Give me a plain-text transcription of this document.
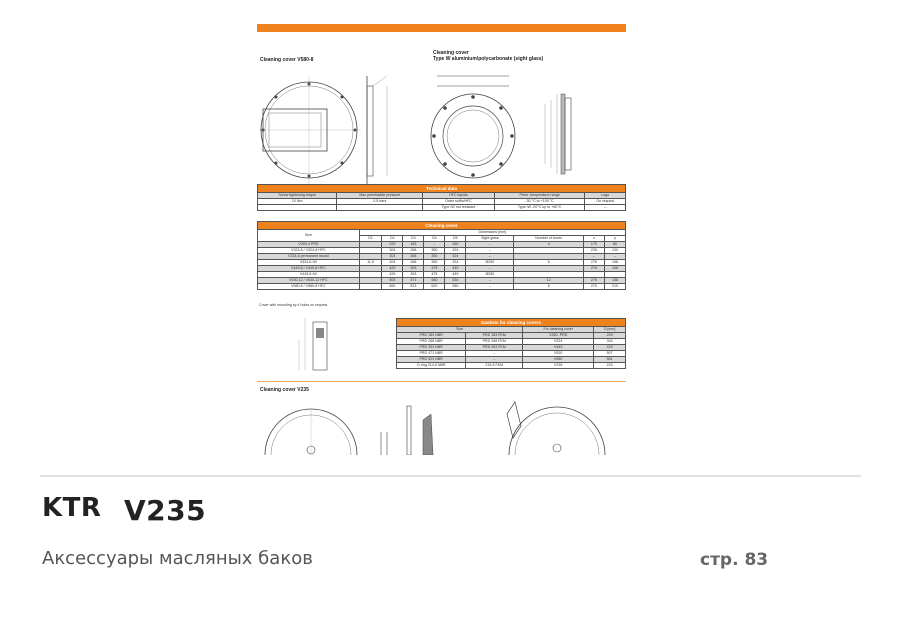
Cleaning cover V580-8
Cleaning cover
Type W aluminium/polycarbonate (sight glass)
Technical data				
Screw tightening torque	Max permissible pressure	HFC liquids	Perm. temperature range	Logo
10 Nm	0.5 bars	Order suffix/HFC	-30 °C to +100 °C	On request
		Type /W not resistant	Type /W -20°C up to +60°C	–
Cleaning cover									
Size	Dimensions [mm]								
	D1	D2	D3	D4	D5	Sight glass	Number of bores	x	y
V260-4 PRD		229	183	–	260	–	4	170	80
V324-6 / V324-6 HFC		304	268	350	324	–		235	130
V324-6 permanent mould		304	268	350	324	–		–	–
V324-6 /W	11.5	304	268	350	324	Ø250	6	276	158
V449-8 / V449-8 HFC		429	393	475	449	–		276	158
V449-8 /W		429	393	475	449	Ø250			
V530-12 / V530-12 HFC		505	471	560	530	–	12	276	158
V580-8 / V580-8 HFC		560	523	620	580	–	8	270	210
Cover with mounting by 4 holes on request.
Gaskets for cleaning covers			
Size		For cleaning cover	D [mm]
PRD 183 NBR	PRD 183 FKM	V260- PRD	229
PRD 268 NBR	PRD 268 FKM	V324	304
PRD 393 NBR	PRD 393 FKM	V449	429
PRD 471 NBR	–	V530	507
PRD 523 NBR	–	V580	561
O-ring 214-5 NBR	215-5 FKM	V235	224
Cleaning cover V235
KTR V235
Аксессуары масляных баков	стр. 83
